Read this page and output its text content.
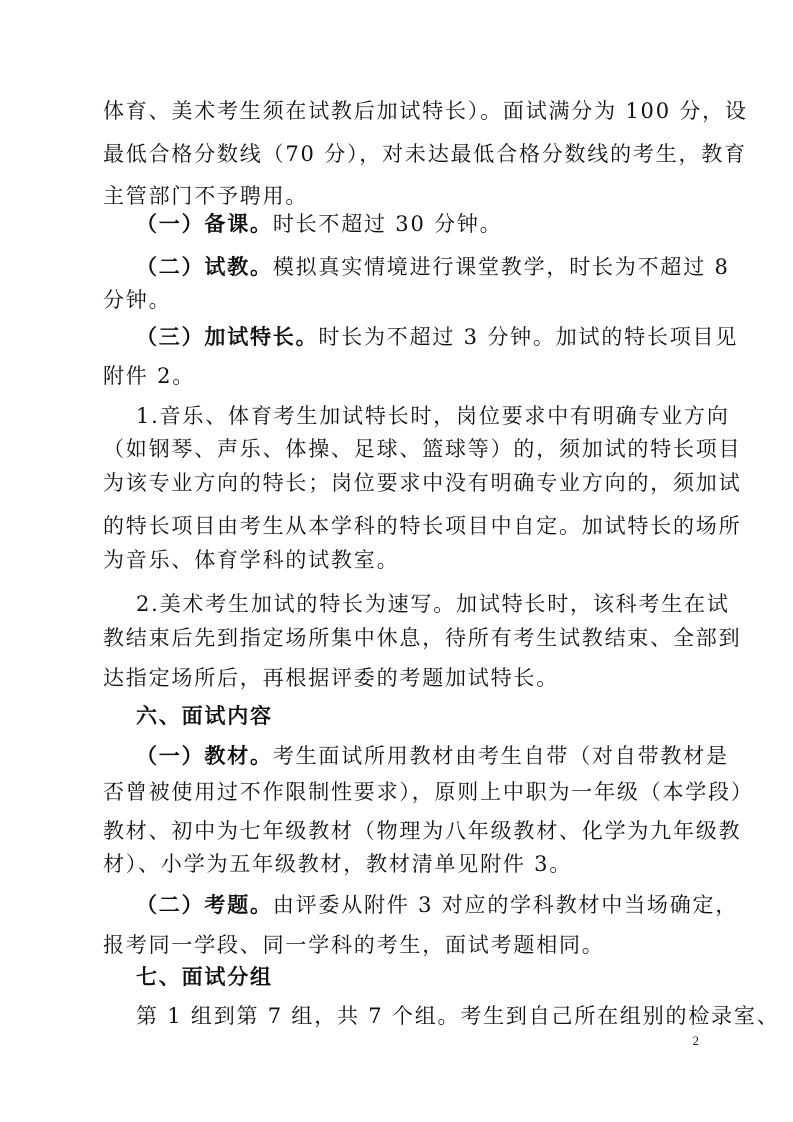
体育、美术考生须在试教后加试特长）。面试满分为 100 分，设
最低合格分数线（70 分），对未达最低合格分数线的考生，教育
主管部门不予聘用。
（一）备课。时长不超过 30 分钟。
（二）试教。模拟真实情境进行课堂教学，时长为不超过 8
分钟。
（三）加试特长。时长为不超过 3 分钟。加试的特长项目见
附件 2。
1.音乐、体育考生加试特长时，岗位要求中有明确专业方向
（如钢琴、声乐、体操、足球、篮球等）的，须加试的特长项目
为该专业方向的特长；岗位要求中没有明确专业方向的，须加试
的特长项目由考生从本学科的特长项目中自定。加试特长的场所
为音乐、体育学科的试教室。
2.美术考生加试的特长为速写。加试特长时，该科考生在试
教结束后先到指定场所集中休息，待所有考生试教结束、全部到
达指定场所后，再根据评委的考题加试特长。
六、面试内容
（一）教材。考生面试所用教材由考生自带（对自带教材是
否曾被使用过不作限制性要求），原则上中职为一年级（本学段）
教材、初中为七年级教材（物理为八年级教材、化学为九年级教
材）、小学为五年级教材，教材清单见附件 3。
（二）考题。由评委从附件 3 对应的学科教材中当场确定，
报考同一学段、同一学科的考生，面试考题相同。
七、面试分组
第 1 组到第 7 组，共 7 个组。考生到自己所在组别的检录室、
2
